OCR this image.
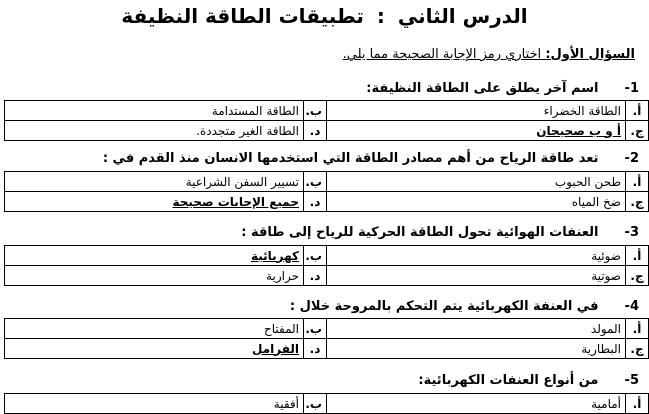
الدرس الثاني : تطبيقات الطاقة النظيفة
السؤال الأول: اختاري رمز الإجابة الصحيحة مما يلي.
1- اسم آخر يطلق على الطاقة النظيفة:
أ.	الطاقة الخضراء	ب.	الطاقة المستدامة
ج.	أ و ب صحيحان	د.	الطاقة الغير متجددة.
2- تعد طاقة الرياح من أهم مصادر الطاقة التي استخدمها الانسان منذ القدم في :
أ.	طحن الحبوب	ب.	تسيير السفن الشراعية
ج.	ضخ المياه	د.	جميع الإجابات صحيحة
3- العنفات الهوائية تحول الطاقة الحركية للرياح إلى طاقة :
أ.	ضوئية	ب.	كهربائية
ج.	صوتية	د.	حرارية
4- في العنفة الكهربائية يتم التحكم بالمروحة خلال :
أ.	المولد	ب.	المفتاح
ج.	البطارية	د.	الفرامل
5- من أنواع العنفات الكهربائية:
أ.	أمامية	ب.	أفقية
